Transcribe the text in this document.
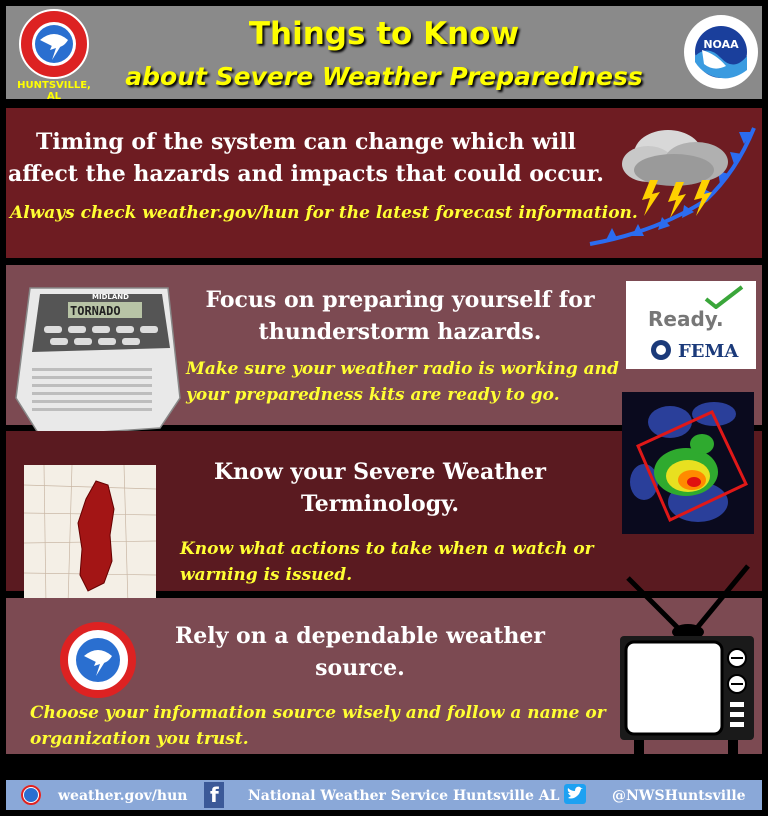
HUNTSVILLE, AL
Things to Know
about Severe Weather Preparedness
NOAA
Timing of the system can change which will
affect the hazards and impacts that could occur.
Always check weather.gov/hun for the latest forecast information.
MIDLAND
TORNADO	Focus on preparing yourself for
thunderstorm hazards.
Make sure your weather radio is working and
your preparedness kits are ready to go.
Ready.
FEMA
Know your Severe Weather
Terminology.
Know what actions to take when a watch or
warning is issued.
Rely on a dependable weather
source.
Choose your information source wisely and follow a name or
organization you trust.
weather.gov/hun f National Weather Service Huntsville AL	@NWSHuntsville
